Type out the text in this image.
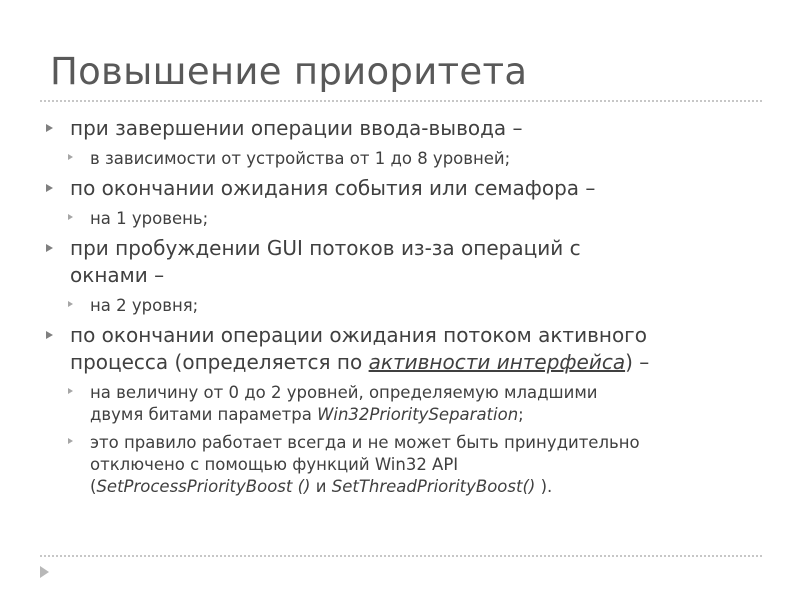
Повышение приоритета
при завершении операции ввода-вывода –
в зависимости от устройства от 1 до 8 уровней;
по окончании ожидания события или семафора –
на 1 уровень;
при пробуждении GUI потоков из-за операций с
окнами –
на 2 уровня;
по окончании операции ожидания потоком активного
процесса (определяется по активности интерфейса) –
на величину от 0 до 2 уровней, определяемую младшими
двумя битами параметра Win32PrioritySeparation;
это правило работает всегда и не может быть принудительно
отключено с помощью функций Win32 API
(SetProcessPriorityBoost () и SetThreadPriorityBoost() ).
